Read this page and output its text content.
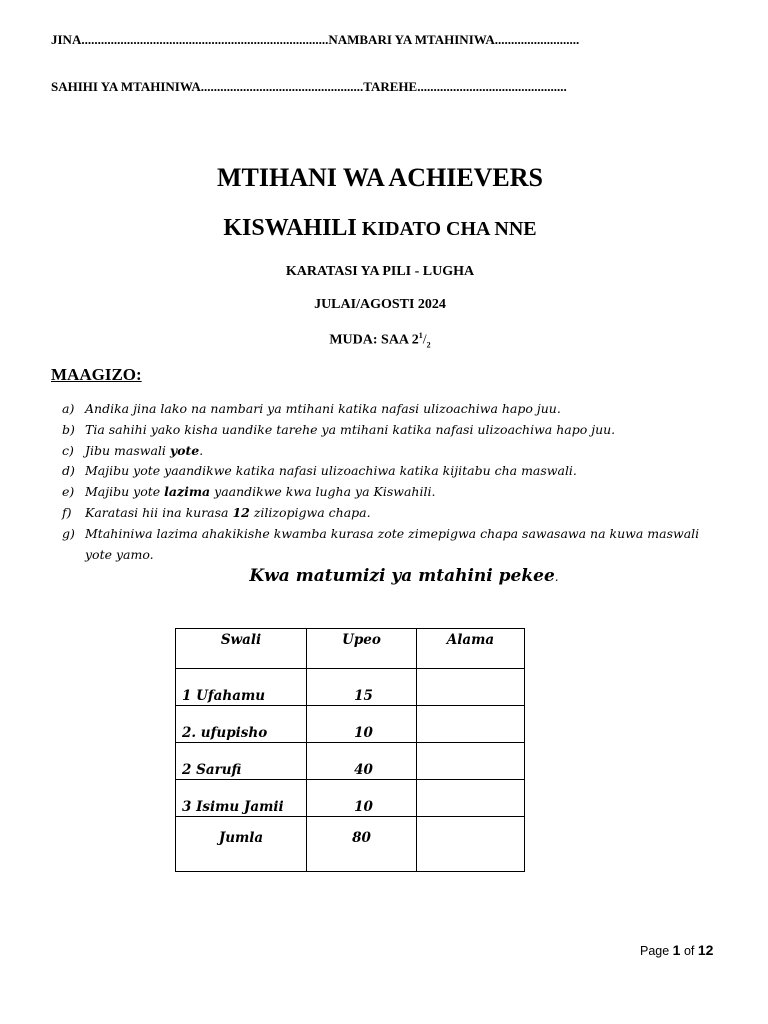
JINA............................................................................NAMBARI YA MTAHINIWA..........................
SAHIHI YA MTAHINIWA..................................................TAREHE..............................................
MTIHANI WA ACHIEVERS
KISWAHILI KIDATO CHA NNE
KARATASI YA PILI - LUGHA
JULAI/AGOSTI 2024
MUDA: SAA $2^1/_2$
MAAGIZO:
a) Andika jina lako na nambari ya mtihani katika nafasi ulizoachiwa hapo juu.
b) Tia sahihi yako kisha uandike tarehe ya mtihani katika nafasi ulizoachiwa hapo juu.
c) Jibu maswali yote.
d) Majibu yote yaandikwe katika nafasi ulizoachiwa katika kijitabu cha maswali.
e) Majibu yote lazima yaandikwe kwa lugha ya Kiswahili.
f) Karatasi hii ina kurasa 12 zilizopigwa chapa.
g) Mtahiniwa lazima ahakikishe kwamba kurasa zote zimepigwa chapa sawasawa na kuwa maswali yote yamo.
Kwa matumizi ya mtahini pekee.
Swali	Upeo	Alama
1 Ufahamu	15	
2. ufupisho	10	
2 Sarufi	40	
3 Isimu Jamii	10	
Jumla	80	
Page 1 of 12
